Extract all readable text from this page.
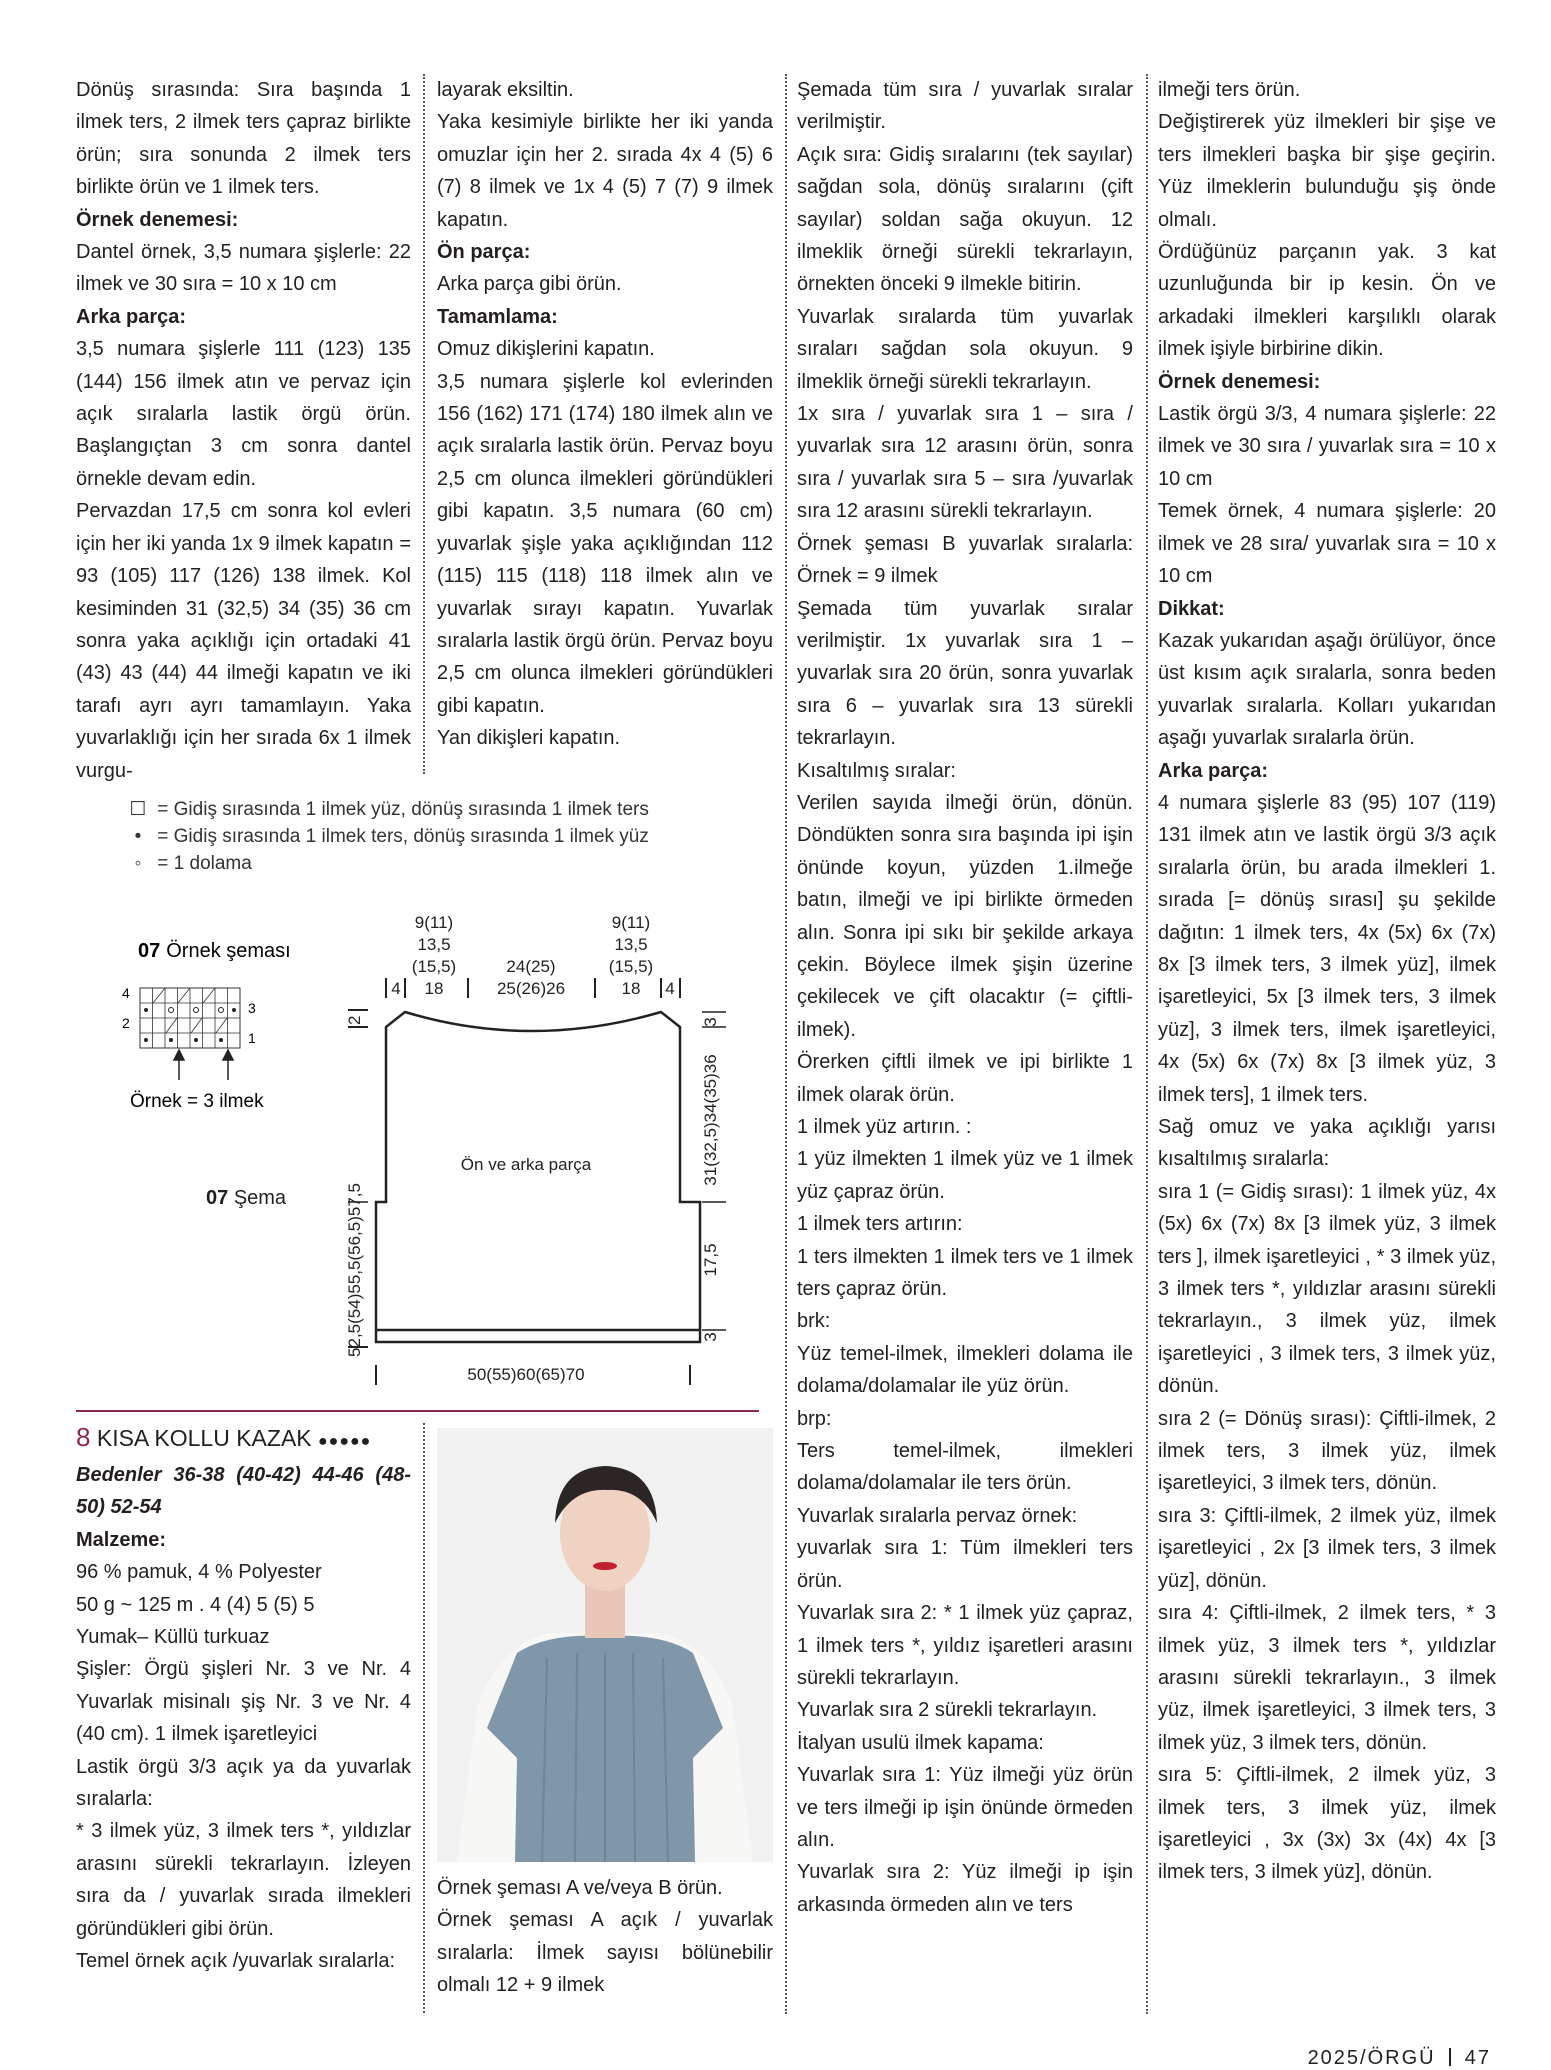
Dönüş sırasında: Sıra başında 1 ilmek ters, 2 ilmek ters çapraz birlikte örün; sıra sonunda 2 ilmek ters birlikte örün ve 1 ilmek ters.

Örnek denemesi:

Dantel örnek, 3,5 numara şişlerle: 22 ilmek ve 30 sıra = 10 x 10 cm

Arka parça:

3,5 numara şişlerle 111 (123) 135 (144) 156 ilmek atın ve pervaz için açık sıralarla lastik örgü örün. Başlangıçtan 3 cm sonra dantel örnekle devam edin.

Pervazdan 17,5 cm sonra kol evleri için her iki yanda 1x 9 ilmek kapatın = 93 (105) 117 (126) 138 ilmek. Kol kesiminden 31 (32,5) 34 (35) 36 cm sonra yaka açıklığı için ortadaki 41 (43) 43 (44) 44 ilmeği kapatın ve iki tarafı ayrı ayrı tamamlayın. Yaka yuvarlaklığı için her sırada 6x 1 ilmek vurgu-

layarak eksiltin.

Yaka kesimiyle birlikte her iki yanda omuzlar için her 2. sırada 4x 4 (5) 6 (7) 8 ilmek ve 1x 4 (5) 7 (7) 9 ilmek kapatın.

Ön parça:

Arka parça gibi örün.

Tamamlama:

Omuz dikişlerini kapatın.

3,5 numara şişlerle kol evlerinden 156 (162) 171 (174) 180 ilmek alın ve açık sıralarla lastik örün. Pervaz boyu 2,5 cm olunca ilmekleri göründükleri gibi kapatın. 3,5 numara (60 cm) yuvarlak şişle yaka açıklığından 112 (115) 115 (118) 118 ilmek alın ve yuvarlak sırayı kapatın. Yuvarlak sıralarla lastik örgü örün. Pervaz boyu 2,5 cm olunca ilmekleri göründükleri gibi kapatın.

Yan dikişleri kapatın.

Şemada tüm sıra / yuvarlak sıralar verilmiştir.

Açık sıra: Gidiş sıralarını (tek sayılar) sağdan sola, dönüş sıralarını (çift sayılar) soldan sağa okuyun. 12 ilmeklik örneği sürekli tekrarlayın, örnekten önceki 9 ilmekle bitirin.

Yuvarlak sıralarda tüm yuvarlak sıraları sağdan sola okuyun. 9 ilmeklik örneği sürekli tekrarlayın.

1x sıra / yuvarlak sıra 1 – sıra / yuvarlak sıra 12 arasını örün, sonra sıra / yuvarlak sıra 5 – sıra /yuvarlak sıra 12 arasını sürekli tekrarlayın.

Örnek şeması B yuvarlak sıralarla: Örnek = 9 ilmek

Şemada tüm yuvarlak sıralar verilmiştir. 1x yuvarlak sıra 1 – yuvarlak sıra 20 örün, sonra yuvarlak sıra 6 – yuvarlak sıra 13 sürekli tekrarlayın.

Kısaltılmış sıralar:

Verilen sayıda ilmeği örün, dönün. Döndükten sonra sıra başında ipi işin önünde koyun, yüzden 1.ilmeğe batın, ilmeği ve ipi birlikte örmeden alın. Sonra ipi sıkı bir şekilde arkaya çekin. Böylece ilmek şişin üzerine çekilecek ve çift olacaktır (= çiftli-ilmek).

Örerken çiftli ilmek ve ipi birlikte 1 ilmek olarak örün.

1 ilmek yüz artırın. :

1 yüz ilmekten 1 ilmek yüz ve 1 ilmek yüz çapraz örün.

1 ilmek ters artırın:

1 ters ilmekten 1 ilmek ters ve 1 ilmek ters çapraz örün.

brk:

Yüz temel-ilmek, ilmekleri dolama ile dolama/dolamalar ile yüz örün.

brp:

Ters temel-ilmek, ilmekleri dolama/dolamalar ile ters örün.

Yuvarlak sıralarla pervaz örnek:

yuvarlak sıra 1: Tüm ilmekleri ters örün.

Yuvarlak sıra 2: * 1 ilmek yüz çapraz, 1 ilmek ters *, yıldız işaretleri arasını sürekli tekrarlayın.

Yuvarlak sıra 2 sürekli tekrarlayın.

İtalyan usulü ilmek kapama:

Yuvarlak sıra 1: Yüz ilmeği yüz örün ve ters ilmeği ip işin önünde örmeden alın.

Yuvarlak sıra 2: Yüz ilmeği ip işin arkasında örmeden alın ve ters

ilmeği ters örün.

Değiştirerek yüz ilmekleri bir şişe ve ters ilmekleri başka bir şişe geçirin. Yüz ilmeklerin bulunduğu şiş önde olmalı.

Ördüğünüz parçanın yak. 3 kat uzunluğunda bir ip kesin. Ön ve arkadaki ilmekleri karşılıklı olarak ilmek işiyle birbirine dikin.

Örnek denemesi:

Lastik örgü 3/3, 4 numara şişlerle: 22 ilmek ve 30 sıra / yuvarlak sıra = 10 x 10 cm

Temek örnek, 4 numara şişlerle: 20 ilmek ve 28 sıra/ yuvarlak sıra = 10 x 10 cm

Dikkat:

Kazak yukarıdan aşağı örülüyor, önce üst kısım açık sıralarla, sonra beden yuvarlak sıralarla. Kolları yukarıdan aşağı yuvarlak sıralarla örün.

Arka parça:

4 numara şişlerle 83 (95) 107 (119) 131 ilmek atın ve lastik örgü 3/3 açık sıralarla örün, bu arada ilmekleri 1. sırada [= dönüş sırası] şu şekilde dağıtın: 1 ilmek ters, 4x (5x) 6x (7x) 8x [3 ilmek ters, 3 ilmek yüz], ilmek işaretleyici, 5x [3 ilmek ters, 3 ilmek yüz], 3 ilmek ters, ilmek işaretleyici, 4x (5x) 6x (7x) 8x [3 ilmek yüz, 3 ilmek ters], 1 ilmek ters.

Sağ omuz ve yaka açıklığı yarısı kısaltılmış sıralarla:

sıra 1 (= Gidiş sırası): 1 ilmek yüz, 4x (5x) 6x (7x) 8x [3 ilmek yüz, 3 ilmek ters ], ilmek işaretleyici , * 3 ilmek yüz, 3 ilmek ters *, yıldızlar arasını sürekli tekrarlayın., 3 ilmek yüz, ilmek işaretleyici , 3 ilmek ters, 3 ilmek yüz, dönün.

sıra 2 (= Dönüş sırası): Çiftli-ilmek, 2 ilmek ters, 3 ilmek yüz, ilmek işaretleyici, 3 ilmek ters, dönün.

sıra 3: Çiftli-ilmek, 2 ilmek yüz, ilmek işaretleyici , 2x [3 ilmek ters, 3 ilmek yüz], dönün.

sıra 4: Çiftli-ilmek, 2 ilmek ters, * 3 ilmek yüz, 3 ilmek ters *, yıldızlar arasını sürekli tekrarlayın., 3 ilmek yüz, ilmek işaretleyici, 3 ilmek ters, 3 ilmek yüz, 3 ilmek ters, dönün.

sıra 5: Çiftli-ilmek, 2 ilmek yüz, 3 ilmek ters, 3 ilmek yüz, ilmek işaretleyici , 3x (3x) 3x (4x) 4x [3 ilmek ters, 3 ilmek yüz], dönün.

☐ = Gidiş sırasında 1 ilmek yüz, dönüş sırasında 1 ilmek ters
• = Gidiş sırasında 1 ilmek ters, dönüş sırasında 1 ilmek yüz
◦ = 1 dolama
07 Örnek şeması
4
2
3
1
Örnek = 3 ilmek
07 Şema
9(11)
13,5
(15,5)
18
24(25)
25(26)26
9(11)
13,5
(15,5)
18
4	4
2
52,5(54)55,5(56,5)57,5
3
31(32,5)34(35)36
17,5
3
Ön ve arka parça
50(55)60(65)70
8 KISA KOLLU KAZAK ●●●●●

Bedenler 36-38 (40-42) 44-46 (48-50) 52-54

Malzeme:

96 % pamuk, 4 % Polyester

50 g ~ 125 m . 4 (4) 5 (5) 5

Yumak– Küllü turkuaz

Şişler: Örgü şişleri Nr. 3 ve Nr. 4 Yuvarlak misinalı şiş Nr. 3 ve Nr. 4 (40 cm). 1 ilmek işaretleyici

Lastik örgü 3/3 açık ya da yuvarlak sıralarla:

* 3 ilmek yüz, 3 ilmek ters *, yıldızlar arasını sürekli tekrarlayın. İzleyen sıra da / yuvarlak sırada ilmekleri göründükleri gibi örün.

Temel örnek açık /yuvarlak sıralarla:

Örnek şeması A ve/veya B örün.

Örnek şeması A açık / yuvarlak sıralarla: İlmek sayısı bölünebilir olmalı 12 + 9 ilmek

2025/ÖRGÜ 47
